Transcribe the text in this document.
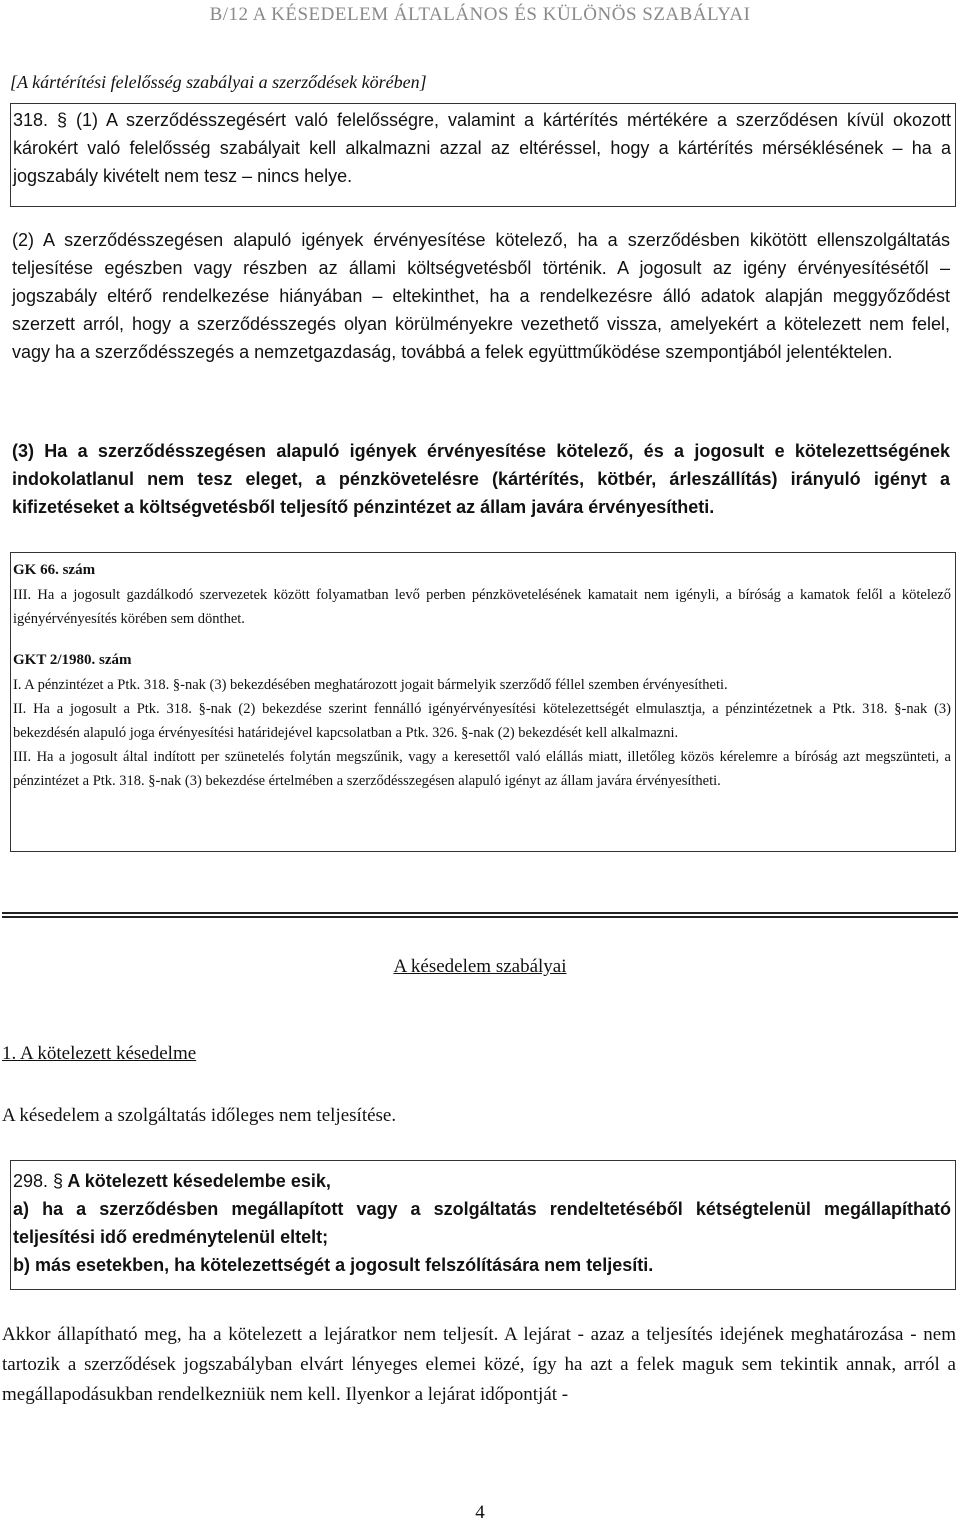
B/12 A KÉSEDELEM ÁLTALÁNOS ÉS KÜLÖNÖS SZABÁLYAI
[A kártérítési felelősség szabályai a szerződések körében]

318. § (1) A szerződésszegésért való felelősségre, valamint a kártérítés mértékére a szerződésen kívül okozott károkért való felelősség szabályait kell alkalmazni azzal az eltéréssel, hogy a kártérítés mérséklésének – ha a jogszabály kivételt nem tesz – nincs helye.

(2) A szerződésszegésen alapuló igények érvényesítése kötelező, ha a szerződésben kikötött ellenszolgáltatás teljesítése egészben vagy részben az állami költségvetésből történik. A jogosult az igény érvényesítésétől – jogszabály eltérő rendelkezése hiányában – eltekinthet, ha a rendelkezésre álló adatok alapján meggyőződést szerzett arról, hogy a szerződésszegés olyan körülményekre vezethető vissza, amelyekért a kötelezett nem felel, vagy ha a szerződésszegés a nemzetgazdaság, továbbá a felek együttműködése szempontjából jelentéktelen.

(3) Ha a szerződésszegésen alapuló igények érvényesítése kötelező, és a jogosult e kötelezettségének indokolatlanul nem tesz eleget, a pénzkövetelésre (kártérítés, kötbér, árleszállítás) irányuló igényt a kifizetéseket a költségvetésből teljesítő pénzintézet az állam javára érvényesítheti.

GK 66. szám

III. Ha a jogosult gazdálkodó szervezetek között folyamatban levő perben pénzkövetelésének kamatait nem igényli, a bíróság a kamatok felől a kötelező igényérvényesítés körében sem dönthet.

GKT 2/1980. szám

I. A pénzintézet a Ptk. 318. §-nak (3) bekezdésében meghatározott jogait bármelyik szerződő féllel szemben érvényesítheti.

II. Ha a jogosult a Ptk. 318. §-nak (2) bekezdése szerint fennálló igényérvényesítési kötelezettségét elmulasztja, a pénzintézetnek a Ptk. 318. §-nak (3) bekezdésén alapuló joga érvényesítési határidejével kapcsolatban a Ptk. 326. §-nak (2) bekezdését kell alkalmazni.

III. Ha a jogosult által indított per szünetelés folytán megszűnik, vagy a keresettől való elállás miatt, illetőleg közös kérelemre a bíróság azt megszünteti, a pénzintézet a Ptk. 318. §-nak (3) bekezdése értelmében a szerződésszegésen alapuló igényt az állam javára érvényesítheti.

A késedelem szabályai
1. A kötelezett késedelme
A késedelem a szolgáltatás időleges nem teljesítése.

298. § A kötelezett késedelembe esik,

a) ha a szerződésben megállapított vagy a szolgáltatás rendeltetéséből kétségtelenül megállapítható teljesítési idő eredménytelenül eltelt;

b) más esetekben, ha kötelezettségét a jogosult felszólítására nem teljesíti.

Akkor állapítható meg, ha a kötelezett a lejáratkor nem teljesít. A lejárat - azaz a teljesítés idejének meghatározása - nem tartozik a szerződések jogszabályban elvárt lényeges elemei közé, így ha azt a felek maguk sem tekintik annak, arról a megállapodásukban rendelkezniük nem kell. Ilyenkor a lejárat időpontját -

4
